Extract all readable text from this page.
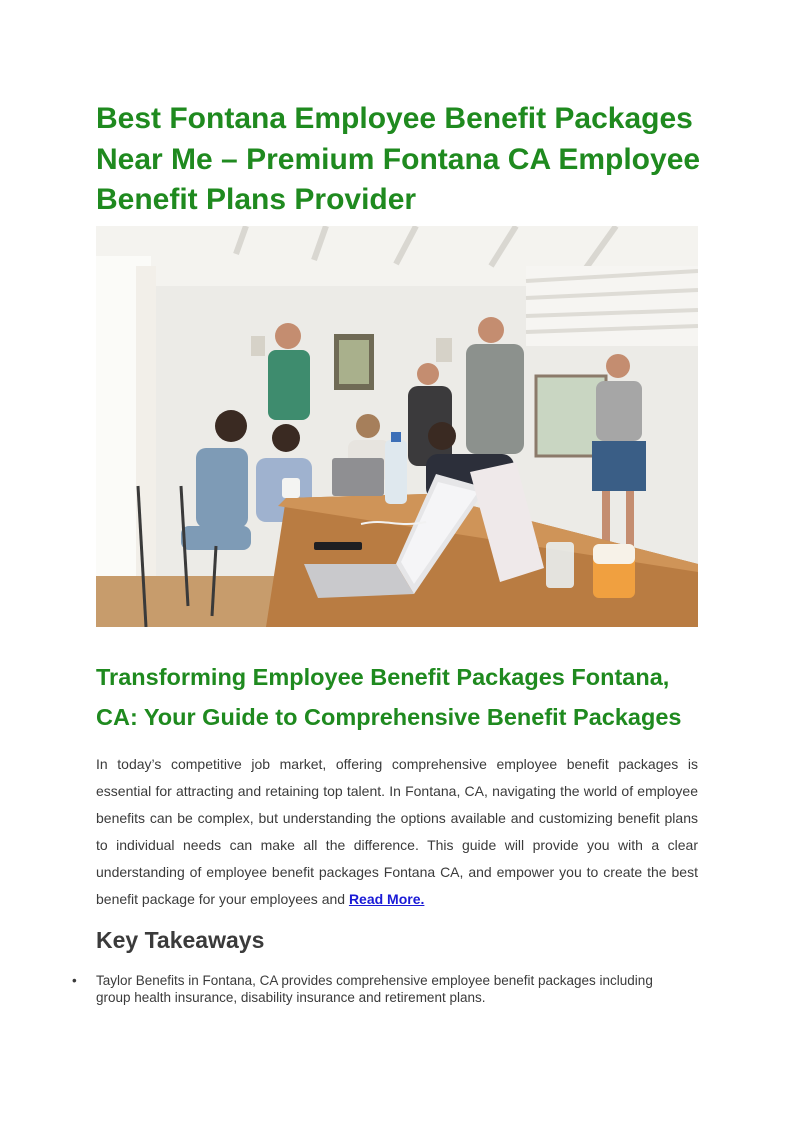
Best Fontana Employee Benefit Packages Near Me – Premium Fontana CA Employee Benefit Plans Provider
Transforming Employee Benefit Packages Fontana, CA: Your Guide to Comprehensive Benefit Packages

In today’s competitive job market, offering comprehensive employee benefit packages is essential for attracting and retaining top talent. In Fontana, CA, navigating the world of employee benefits can be complex, but understanding the options available and customizing benefit plans to individual needs can make all the difference. This guide will provide you with a clear understanding of employee benefit packages Fontana CA, and empower you to create the best benefit package for your employees and Read More.

Key Takeaways
• Taylor Benefits in Fontana, CA provides comprehensive employee benefit packages including group health insurance, disability insurance and retirement plans.
